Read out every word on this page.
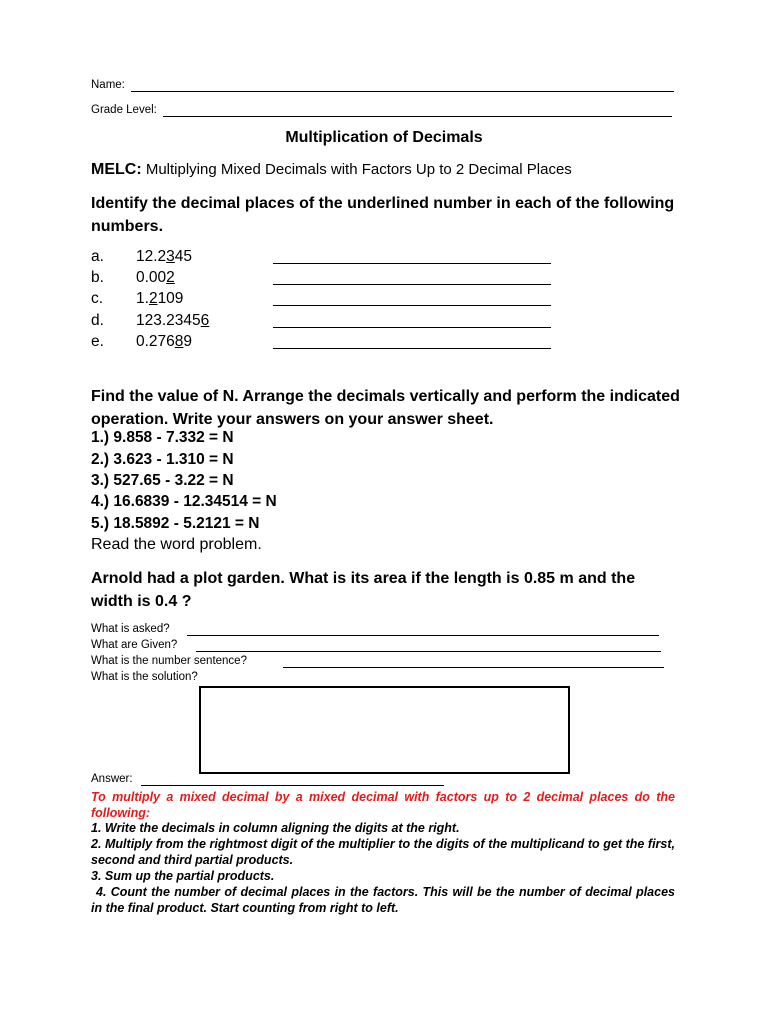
Name:
Grade Level:
Multiplication of Decimals
MELC: Multiplying Mixed Decimals with Factors Up to 2 Decimal Places
Identify the decimal places of the underlined number in each of the following numbers.
a. 12.2345
b. 0.002
c. 1.2109
d. 123.23456
e. 0.27689
Find the value of N. Arrange the decimals vertically and perform the indicated operation. Write your answers on your answer sheet.
1.) 9.858 - 7.332 = N
2.) 3.623 - 1.310 = N
3.) 527.65 - 3.22 = N
4.) 16.6839 - 12.34514 = N
5.) 18.5892 - 5.2121 = N
Read the word problem.
Arnold had a plot garden. What is its area if the length is 0.85 m and the width is 0.4 ?
What is asked?
What are Given?
What is the number sentence?
What is the solution?
Answer:
To multiply a mixed decimal by a mixed decimal with factors up to 2 decimal places do the following:
1. Write the decimals in column aligning the digits at the right.
2. Multiply from the rightmost digit of the multiplier to the digits of the multiplicand to get the first, second and third partial products.
3. Sum up the partial products.
4. Count the number of decimal places in the factors. This will be the number of decimal places in the final product. Start counting from right to left.
